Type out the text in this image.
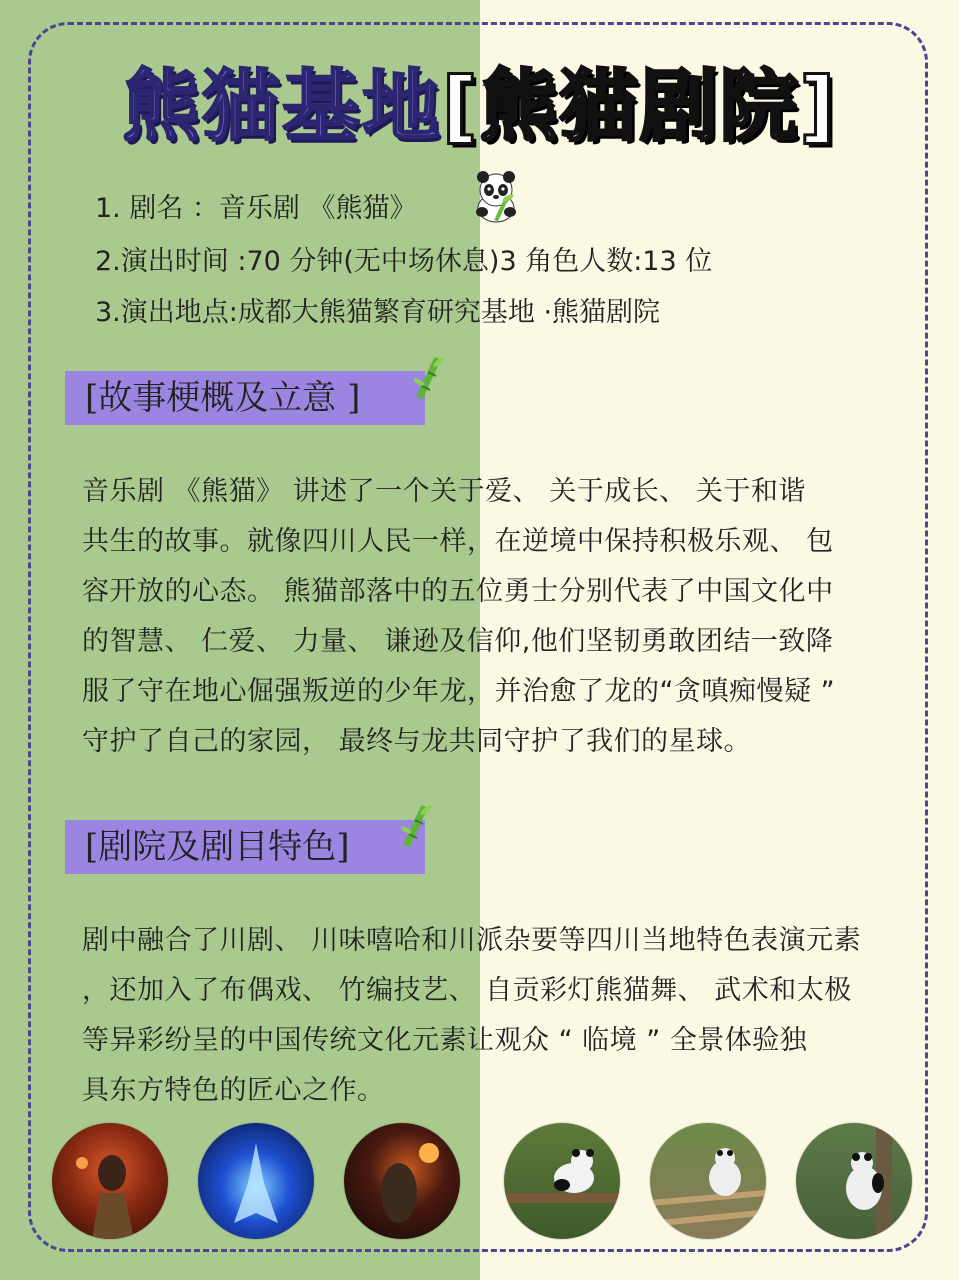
熊猫基地[熊猫剧院]
1. 剧名 ：音乐剧 《熊猫》
2.演出时间 :70 分钟(无中场休息)3 角色人数:13 位
3.演出地点:成都大熊猫繁育研究基地 ·熊猫剧院
[故事梗概及立意 ]
音乐剧 《熊猫》 讲述了一个关于爱、 关于成长、 关于和谐
共生的故事。就像四川人民一样，在逆境中保持积极乐观、 包
容开放的心态。 熊猫部落中的五位勇士分别代表了中国文化中
的智慧、 仁爱、 力量、 谦逊及信仰,他们坚韧勇敢团结一致降
服了守在地心倔强叛逆的少年龙，并治愈了龙的“贪嗔痴慢疑 ”
守护了自己的家园， 最终与龙共同守护了我们的星球。
[剧院及剧目特色]
剧中融合了川剧、 川味嘻哈和川派杂要等四川当地特色表演元素
，还加入了布偶戏、 竹编技艺、 自贡彩灯熊猫舞、 武术和太极
等异彩纷呈的中国传统文化元素让观众 “ 临境 ” 全景体验独
具东方特色的匠心之作。
